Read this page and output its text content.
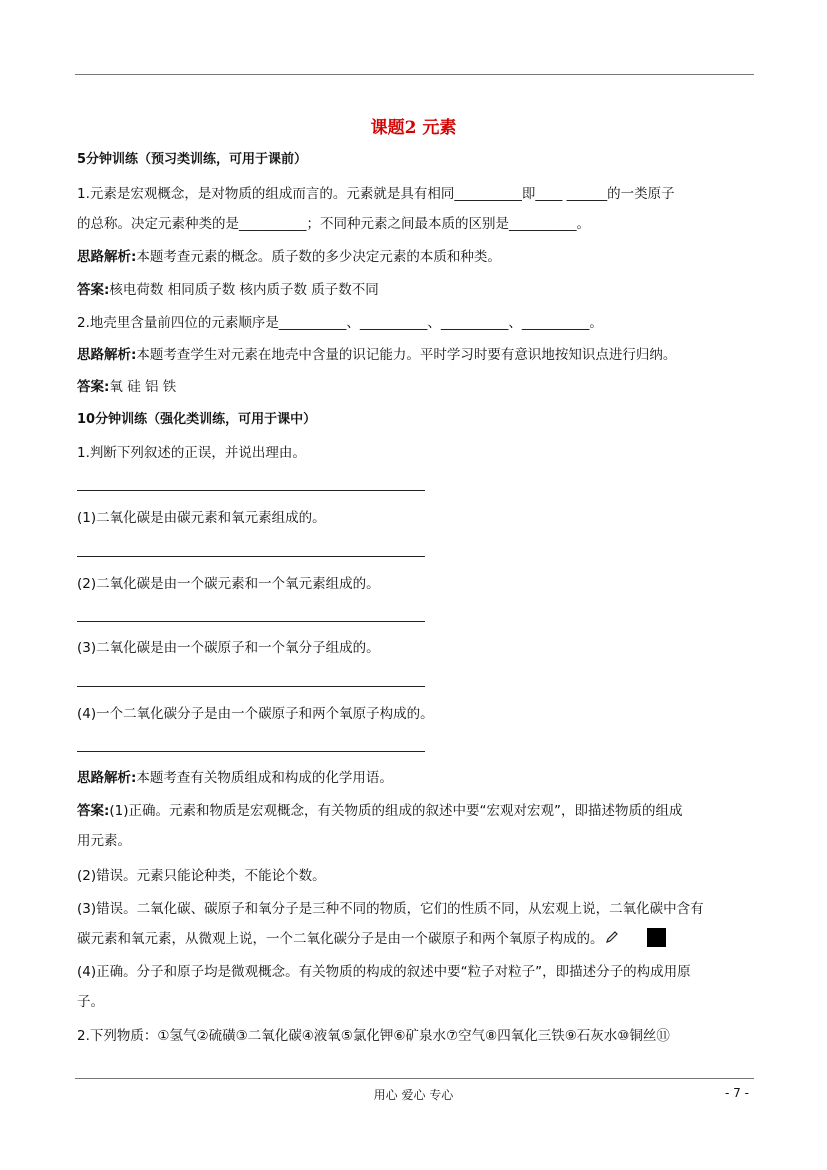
课题2 元素
5分钟训练（预习类训练，可用于课前）
1.元素是宏观概念，是对物质的组成而言的。元素就是具有相同__________即____ ______的一类原子
的总称。决定元素种类的是__________；不同种元素之间最本质的区别是__________。
思路解析:本题考查元素的概念。质子数的多少决定元素的本质和种类。
答案:核电荷数 相同质子数 核内质子数 质子数不同
2.地壳里含量前四位的元素顺序是__________、__________、__________、__________。
思路解析:本题考查学生对元素在地壳中含量的识记能力。平时学习时要有意识地按知识点进行归纳。
答案:氧 硅 铝 铁
10分钟训练（强化类训练，可用于课中）
1.判断下列叙述的正误，并说出理由。
(1)二氧化碳是由碳元素和氧元素组成的。
(2)二氧化碳是由一个碳元素和一个氧元素组成的。
(3)二氧化碳是由一个碳原子和一个氧分子组成的。
(4)一个二氧化碳分子是由一个碳原子和两个氧原子构成的。
思路解析:本题考查有关物质组成和构成的化学用语。
答案:(1)正确。元素和物质是宏观概念，有关物质的组成的叙述中要“宏观对宏观”，即描述物质的组成
用元素。
(2)错误。元素只能论种类，不能论个数。
(3)错误。二氧化碳、碳原子和氧分子是三种不同的物质，它们的性质不同，从宏观上说，二氧化碳中含有
碳元素和氧元素，从微观上说，一个二氧化碳分子是由一个碳原子和两个氧原子构成的。
(4)正确。分子和原子均是微观概念。有关物质的构成的叙述中要“粒子对粒子”，即描述分子的构成用原
子。
2.下列物质：①氢气②硫磺③二氧化碳④液氧⑤氯化钾⑥矿泉水⑦空气⑧四氧化三铁⑨石灰水⑩铜丝⑪
用心 爱心 专心	- 7 -
